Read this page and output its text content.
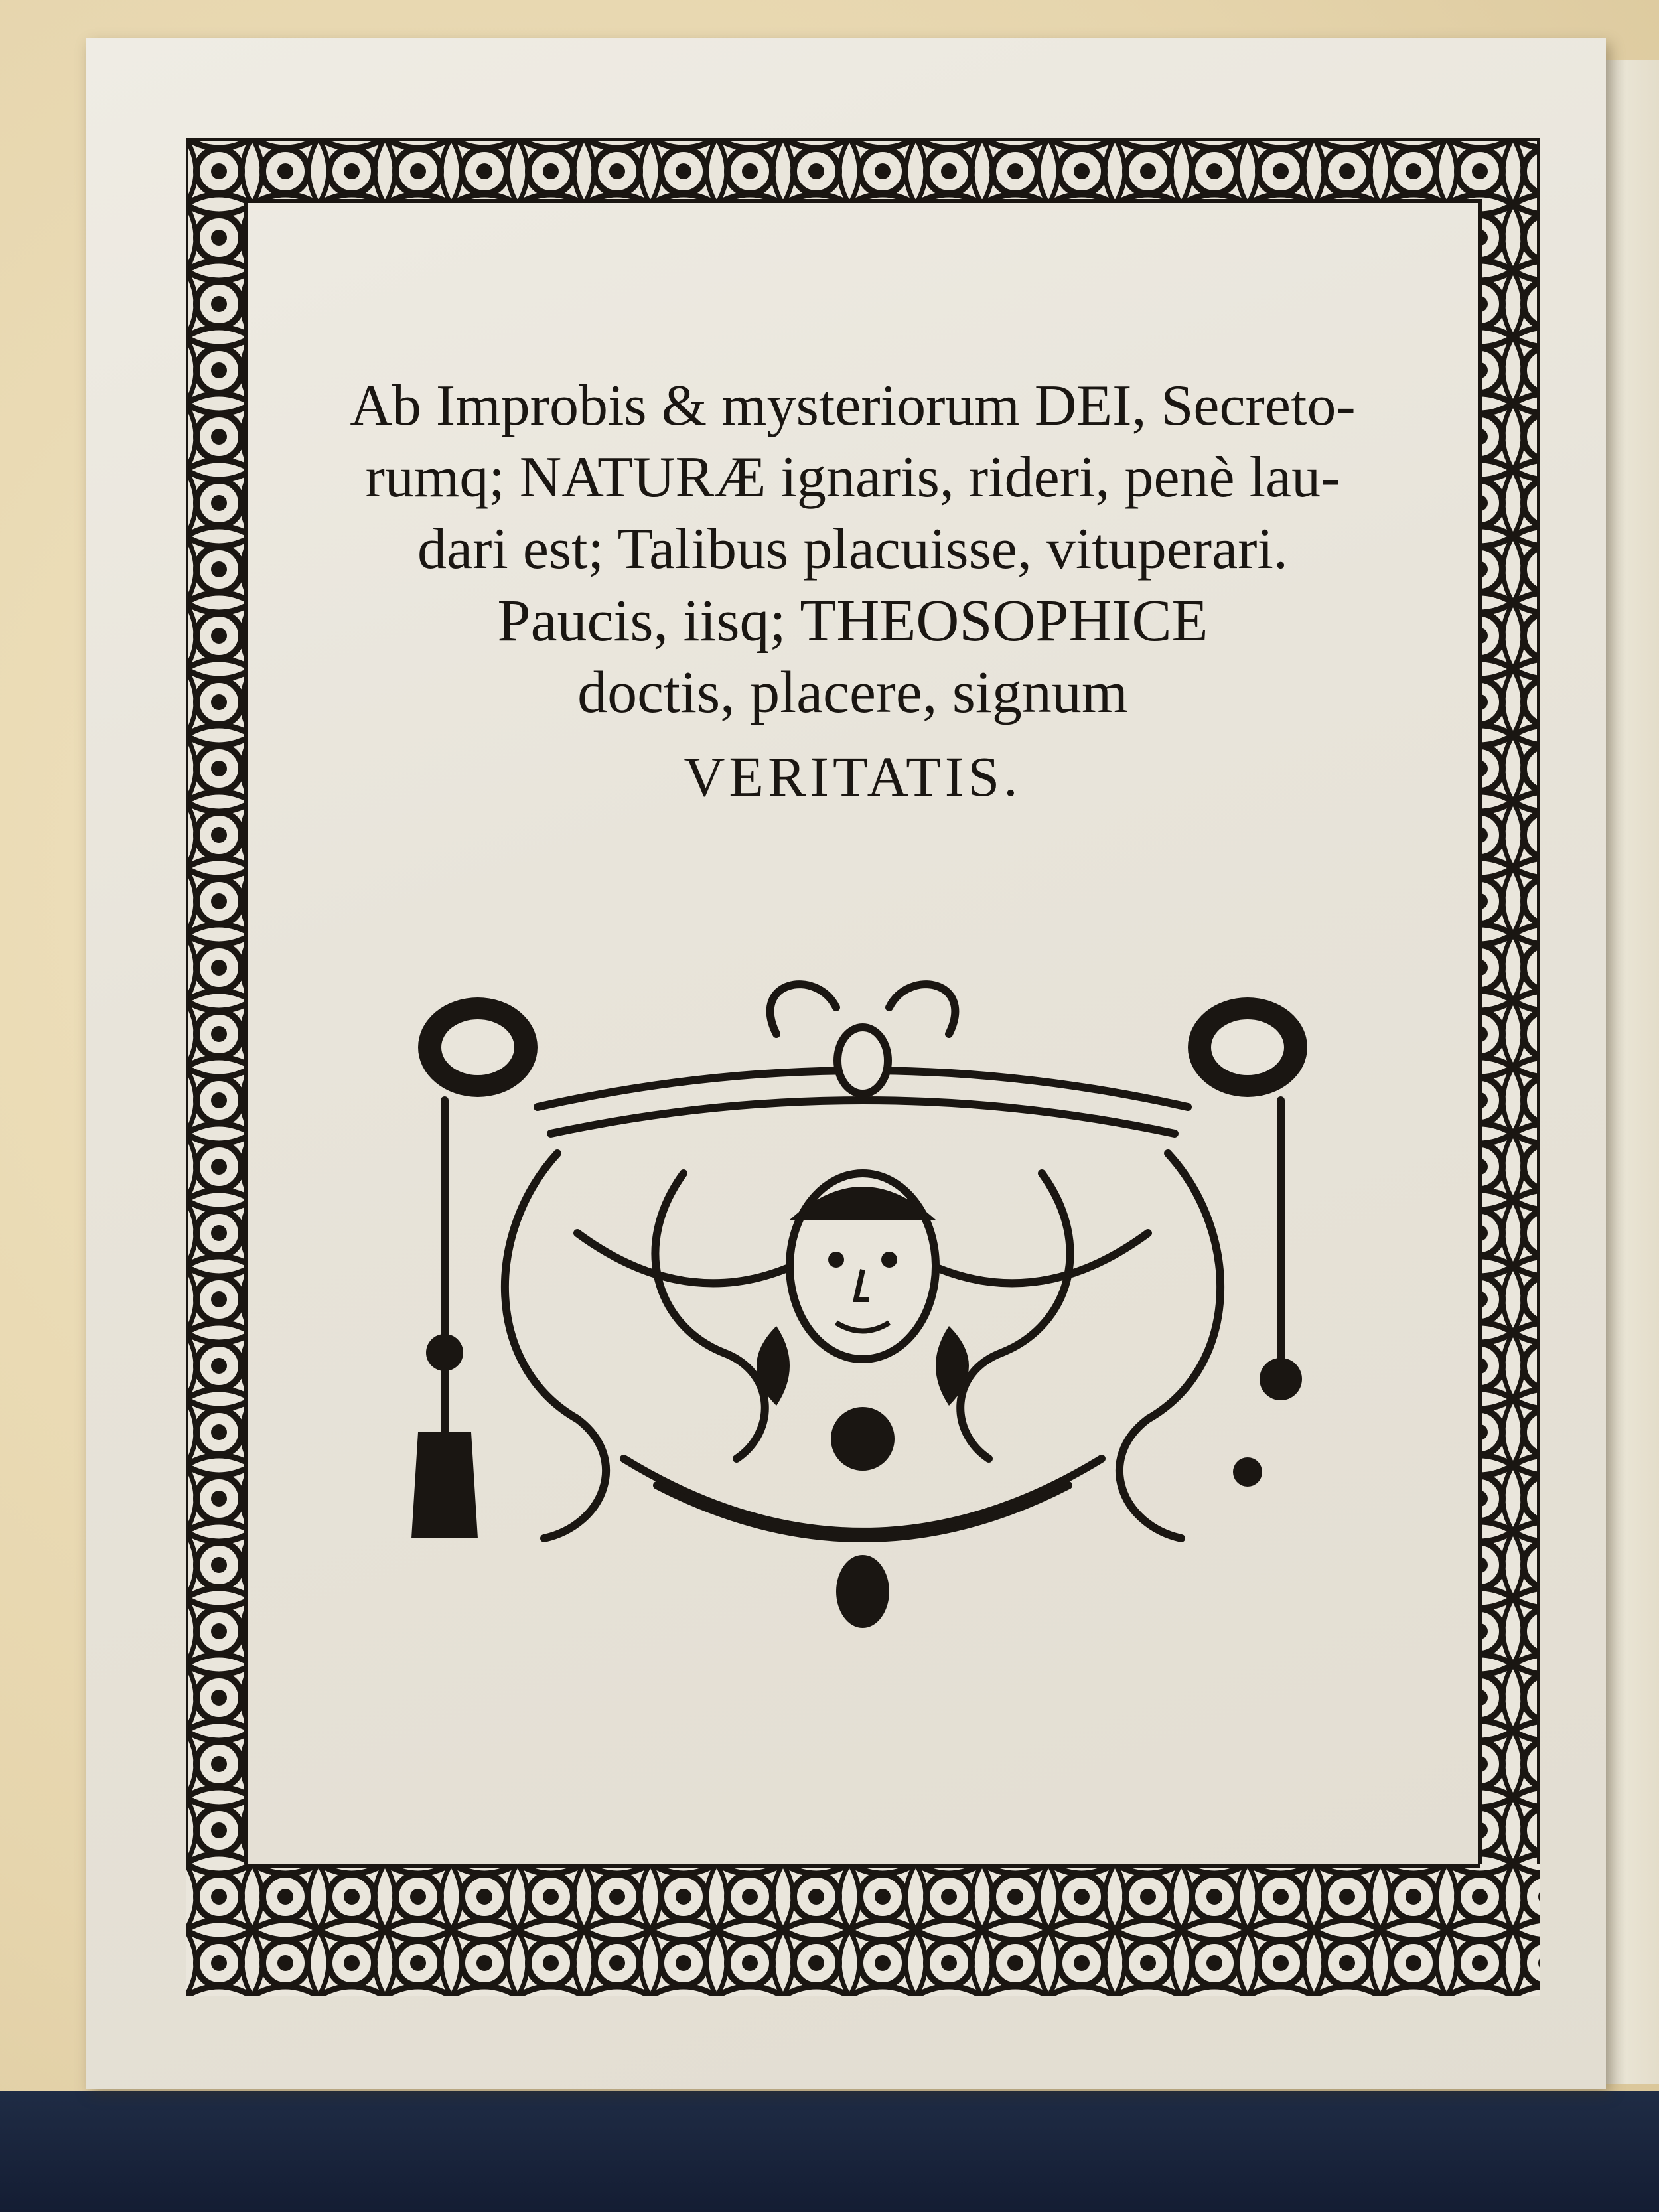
Ab Improbis & mysteriorum DEI, Secreto-
rumq; NATURÆ ignaris, rideri, penè lau-
dari est; Talibus placuisse, vituperari.
Paucis, iisq; THEOSOPHICE
doctis, placere, signum
VERITATIS.
